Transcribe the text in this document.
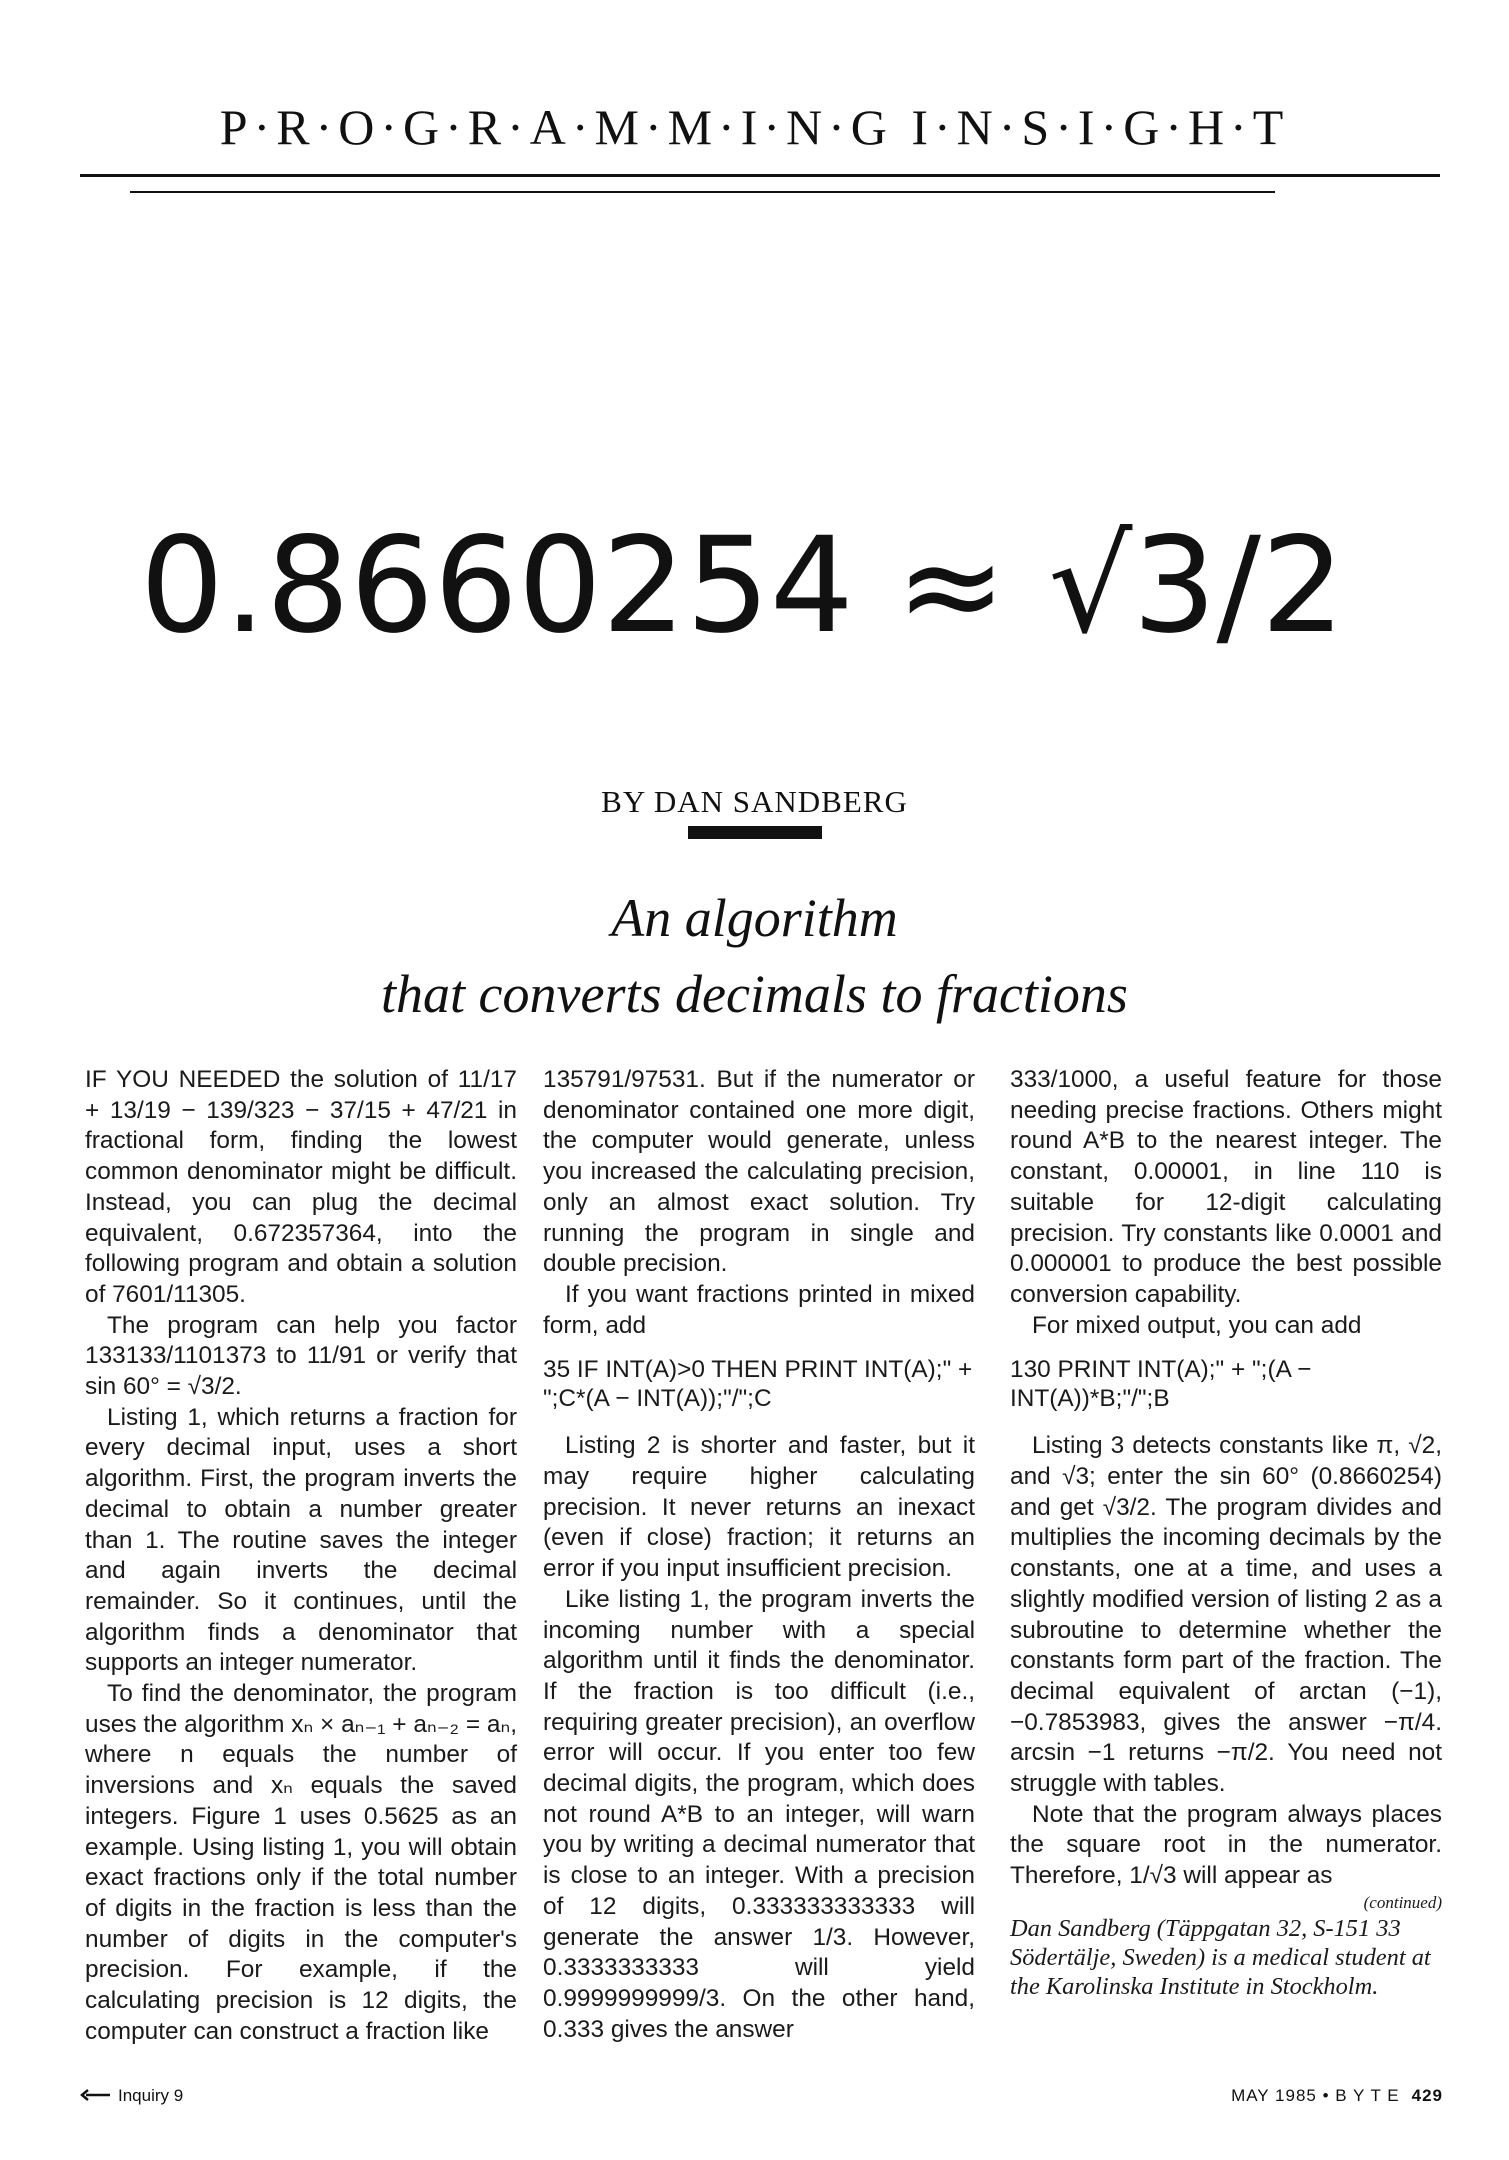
P·R·O·G·R·A·M·M·I·N·G I·N·S·I·G·H·T
0.8660254 ≈ √3/2
BY DAN SANDBERG
An algorithm
that converts decimals to fractions

IF YOU NEEDED the solution of 11/17 + 13/19 − 139/323 − 37/15 + 47/21 in fractional form, finding the lowest common denominator might be difficult. Instead, you can plug the decimal equivalent, 0.672357364, into the following program and obtain a solution of 7601/11305.

The program can help you factor 133133/1101373 to 11/91 or verify that sin 60° = √3/2.

Listing 1, which returns a fraction for every decimal input, uses a short algorithm. First, the program inverts the decimal to obtain a number greater than 1. The routine saves the integer and again inverts the decimal remainder. So it continues, until the algorithm finds a denominator that supports an integer numerator.

To find the denominator, the program uses the algorithm xₙ × aₙ₋₁ + aₙ₋₂ = aₙ, where n equals the number of inversions and xₙ equals the saved integers. Figure 1 uses 0.5625 as an example. Using listing 1, you will obtain exact fractions only if the total number of digits in the fraction is less than the number of digits in the computer's precision. For example, if the calculating precision is 12 digits, the computer can construct a fraction like

135791/97531. But if the numerator or denominator contained one more digit, the computer would generate, unless you increased the calculating precision, only an almost exact solution. Try running the program in single and double precision.

If you want fractions printed in mixed form, add

35 IF INT(A)>0 THEN PRINT INT(A);" + ";C*(A − INT(A));"/";C

Listing 2 is shorter and faster, but it may require higher calculating precision. It never returns an inexact (even if close) fraction; it returns an error if you input insufficient precision.

Like listing 1, the program inverts the incoming number with a special algorithm until it finds the denominator. If the fraction is too difficult (i.e., requiring greater precision), an overflow error will occur. If you enter too few decimal digits, the program, which does not round A*B to an integer, will warn you by writing a decimal numerator that is close to an integer. With a precision of 12 digits, 0.333333333333 will generate the answer 1/3. However, 0.3333333333 will yield 0.9999999999/3. On the other hand, 0.333 gives the answer

333/1000, a useful feature for those needing precise fractions. Others might round A*B to the nearest integer. The constant, 0.00001, in line 110 is suitable for 12-digit calculating precision. Try constants like 0.0001 and 0.000001 to produce the best possible conversion capability.

For mixed output, you can add

130 PRINT INT(A);" + ";(A − INT(A))*B;"/";B

Listing 3 detects constants like π, √2, and √3; enter the sin 60° (0.8660254) and get √3/2. The program divides and multiplies the incoming decimals by the constants, one at a time, and uses a slightly modified version of listing 2 as a subroutine to determine whether the constants form part of the fraction. The decimal equivalent of arctan (−1), −0.7853983, gives the answer −π/4. arcsin −1 returns −π/2. You need not struggle with tables.

Note that the program always places the square root in the numerator. Therefore, 1/√3 will appear as

(continued)

Dan Sandberg (Täppgatan 32, S-151 33 Södertälje, Sweden) is a medical student at the Karolinska Institute in Stockholm.

Inquiry 9	MAY 1985 • B Y T E 429
